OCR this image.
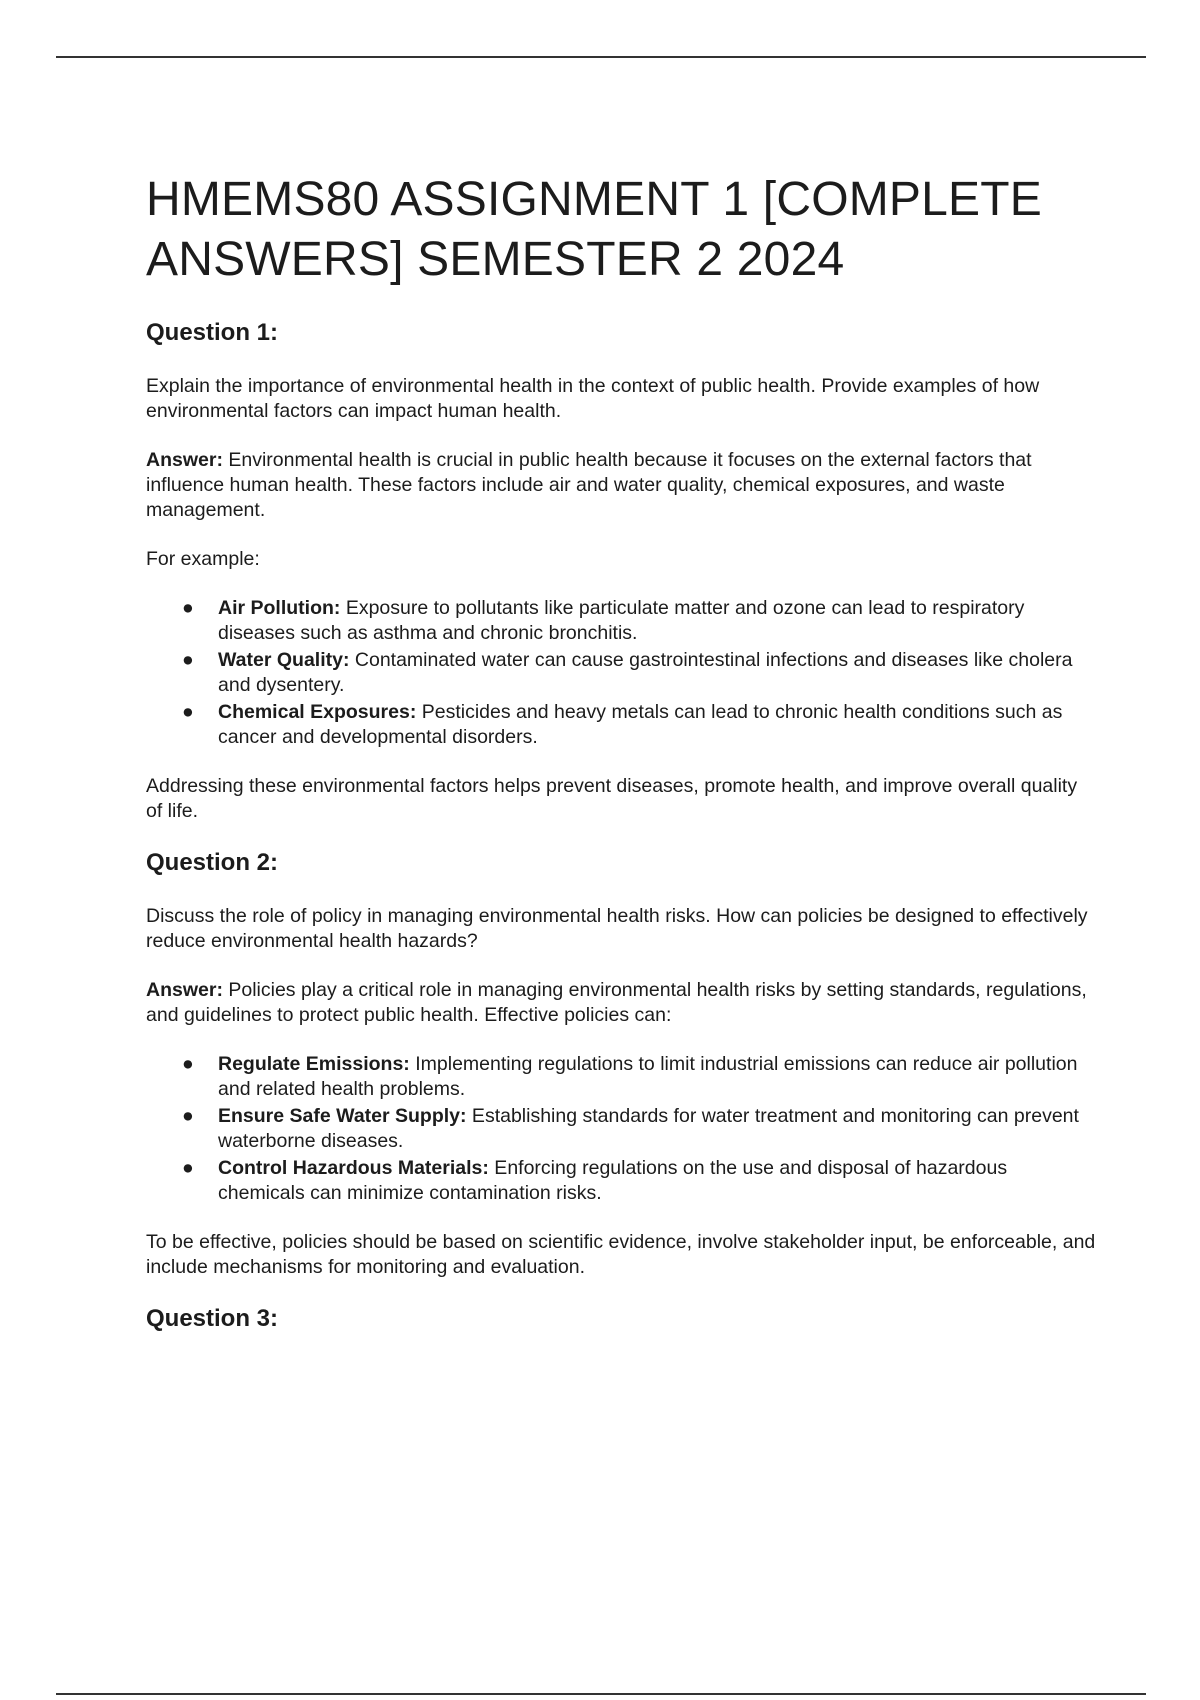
HMEMS80 ASSIGNMENT 1 [COMPLETE ANSWERS] SEMESTER 2 2024
Question 1:

Explain the importance of environmental health in the context of public health. Provide examples of how environmental factors can impact human health.

Answer: Environmental health is crucial in public health because it focuses on the external factors that influence human health. These factors include air and water quality, chemical exposures, and waste management.

For example:

● Air Pollution: Exposure to pollutants like particulate matter and ozone can lead to respiratory diseases such as asthma and chronic bronchitis.
● Water Quality: Contaminated water can cause gastrointestinal infections and diseases like cholera and dysentery.
● Chemical Exposures: Pesticides and heavy metals can lead to chronic health conditions such as cancer and developmental disorders.

Addressing these environmental factors helps prevent diseases, promote health, and improve overall quality of life.

Question 2:

Discuss the role of policy in managing environmental health risks. How can policies be designed to effectively reduce environmental health hazards?

Answer: Policies play a critical role in managing environmental health risks by setting standards, regulations, and guidelines to protect public health. Effective policies can:

● Regulate Emissions: Implementing regulations to limit industrial emissions can reduce air pollution and related health problems.
● Ensure Safe Water Supply: Establishing standards for water treatment and monitoring can prevent waterborne diseases.
● Control Hazardous Materials: Enforcing regulations on the use and disposal of hazardous chemicals can minimize contamination risks.

To be effective, policies should be based on scientific evidence, involve stakeholder input, be enforceable, and include mechanisms for monitoring and evaluation.

Question 3:
